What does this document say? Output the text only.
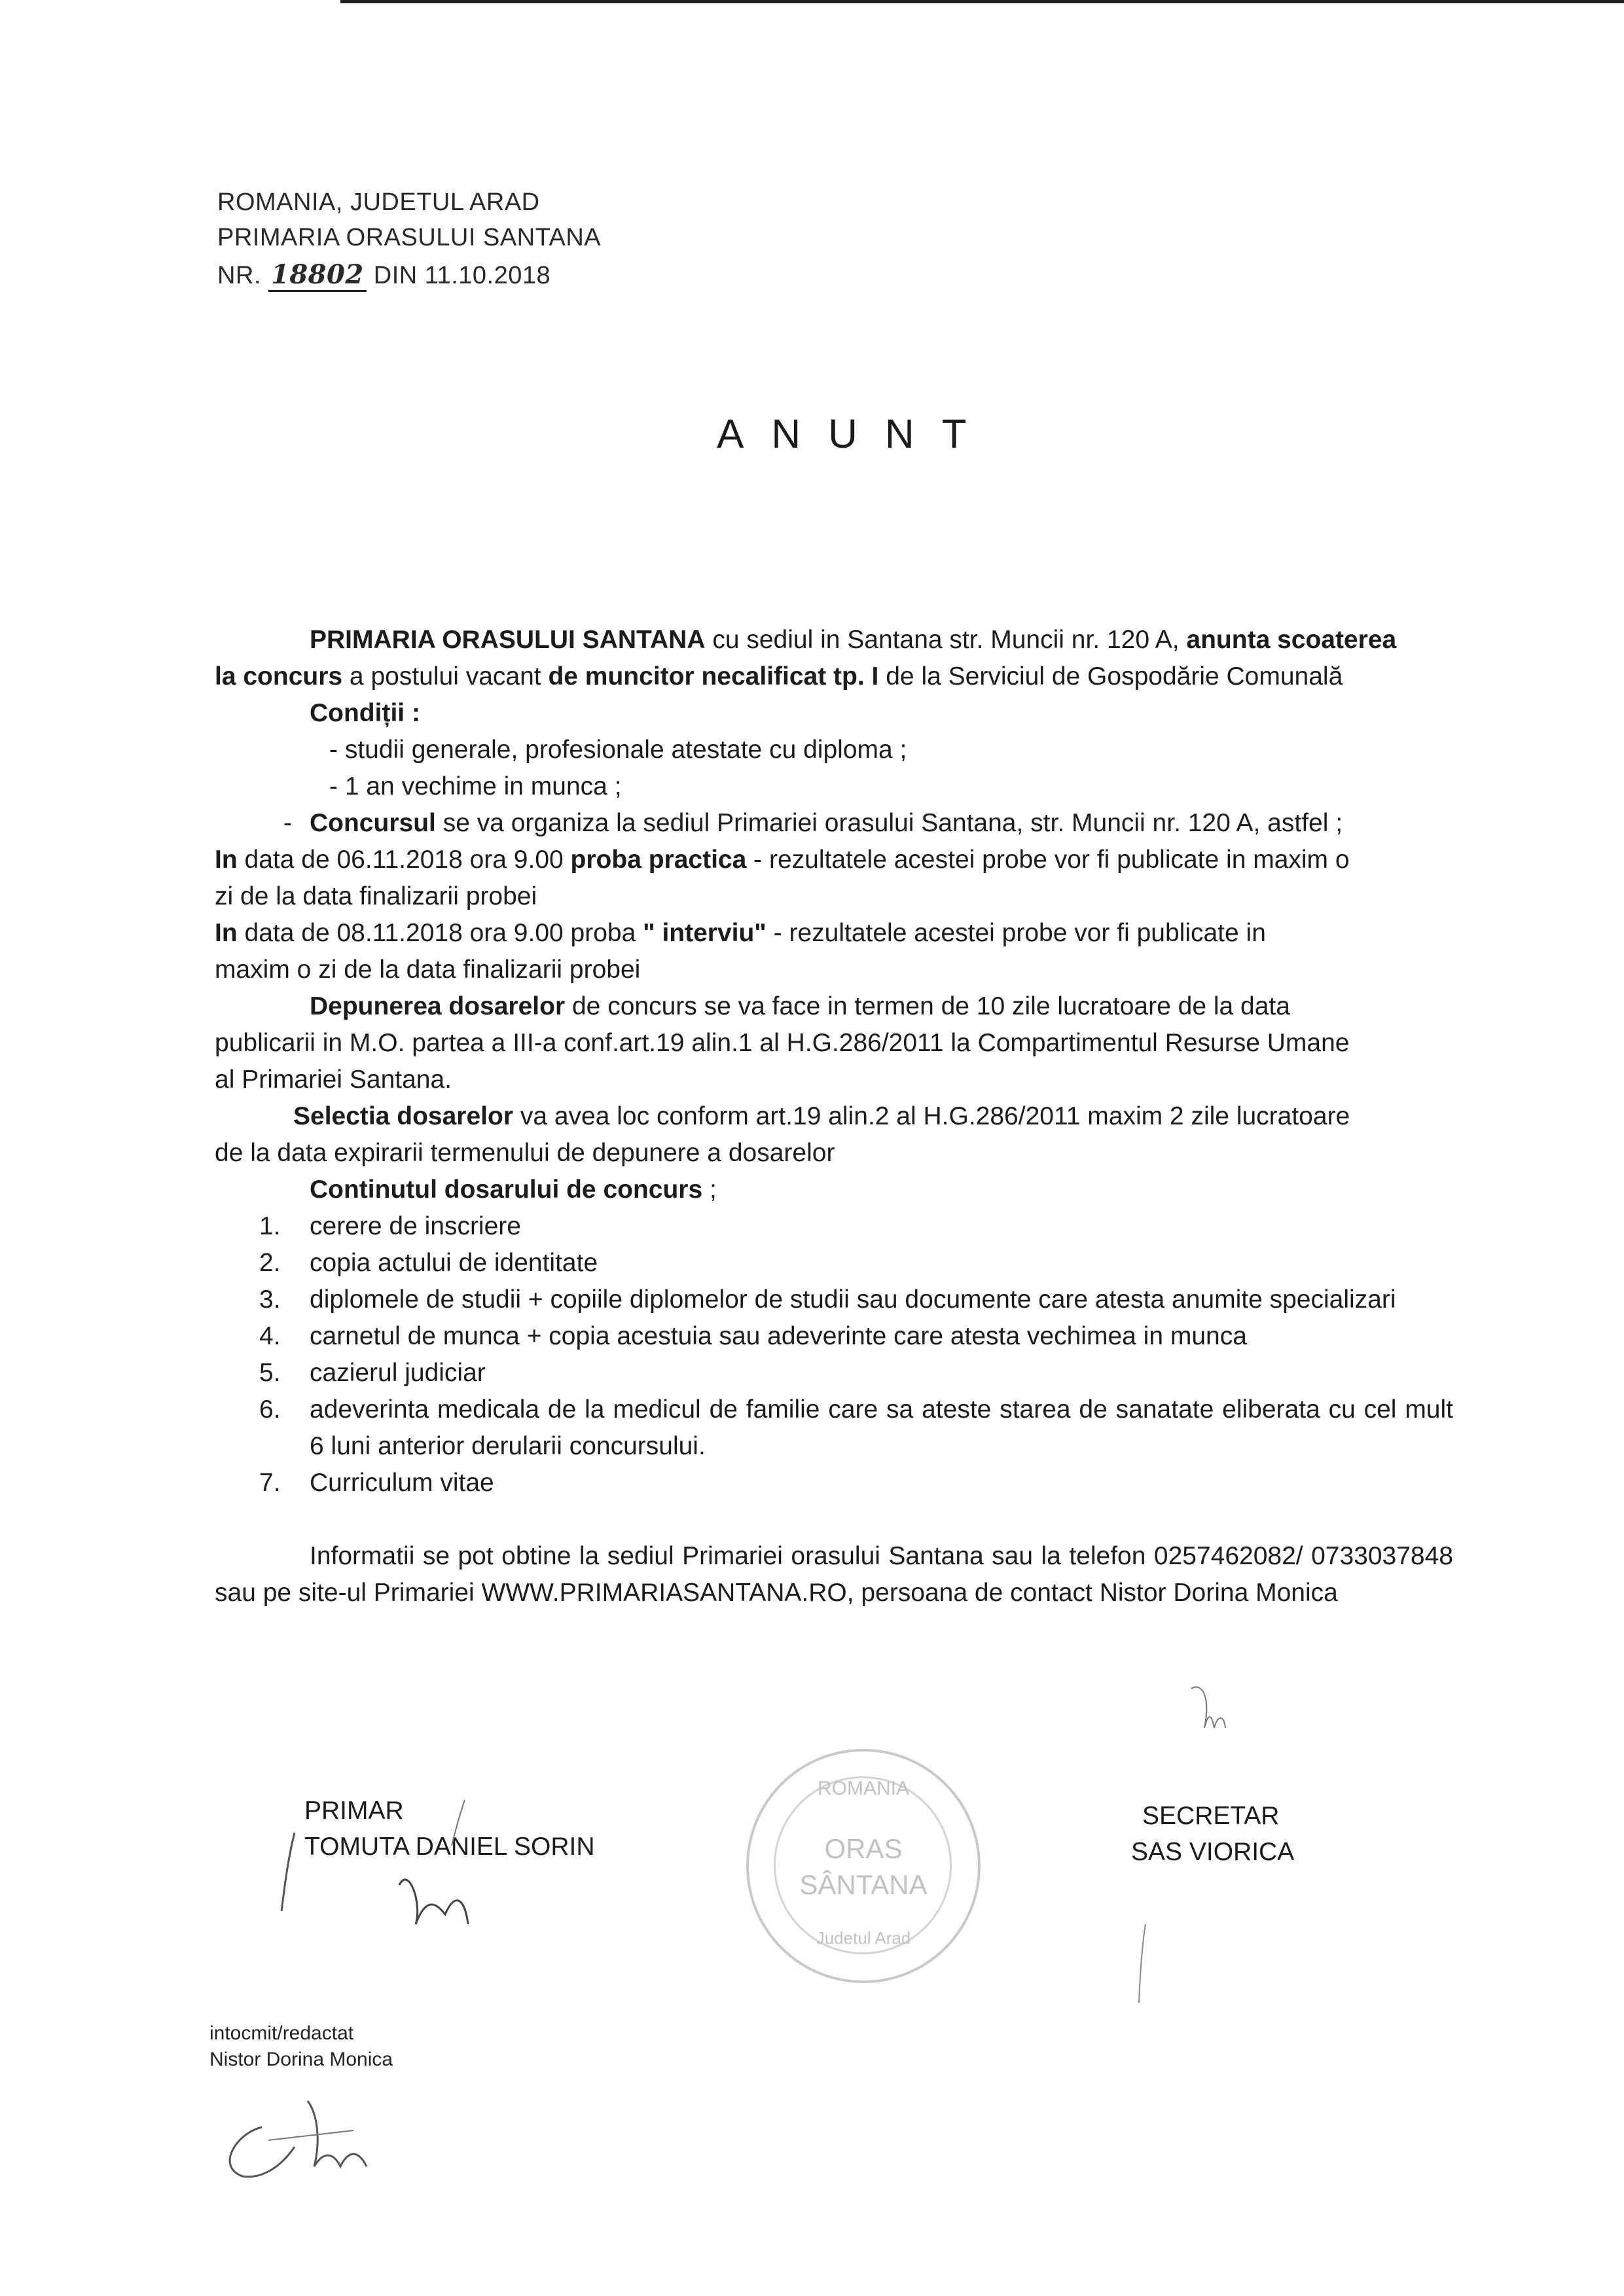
ROMANIA, JUDETUL ARAD
PRIMARIA ORASULUI SANTANA
NR. 18802 DIN 11.10.2018
ANUNT

PRIMARIA ORASULUI SANTANA cu sediul in Santana str. Muncii nr. 120 A, anunta scoaterea

la concurs a postului vacant de muncitor necalificat tp. I de la Serviciul de Gospodărie Comunală

Condiții :

- studii generale, profesionale atestate cu diploma ;

- 1 an vechime in munca ;

- Concursul se va organiza la sediul Primariei orasului Santana, str. Muncii nr. 120 A, astfel ;

In data de 06.11.2018 ora 9.00 proba practica - rezultatele acestei probe vor fi publicate in maxim o

zi de la data finalizarii probei

In data de 08.11.2018 ora 9.00 proba " interviu" - rezultatele acestei probe vor fi publicate in

maxim o zi de la data finalizarii probei

Depunerea dosarelor de concurs se va face in termen de 10 zile lucratoare de la data

publicarii in M.O. partea a III-a conf.art.19 alin.1 al H.G.286/2011 la Compartimentul Resurse Umane

al Primariei Santana.

Selectia dosarelor va avea loc conform art.19 alin.2 al H.G.286/2011 maxim 2 zile lucratoare

de la data expirarii termenului de depunere a dosarelor

Continutul dosarului de concurs ;

1. cerere de inscriere
2. copia actului de identitate
3. diplomele de studii + copiile diplomelor de studii sau documente care atesta anumite specializari
4. carnetul de munca + copia acestuia sau adeverinte care atesta vechimea in munca
5. cazierul judiciar
6. adeverinta medicala de la medicul de familie care sa ateste starea de sanatate eliberata cu cel mult 6 luni anterior derularii concursului.
7. Curriculum vitae

Informatii se pot obtine la sediul Primariei orasului Santana sau la telefon 0257462082/ 0733037848 sau pe site-ul Primariei WWW.PRIMARIASANTANA.RO, persoana de contact Nistor Dorina Monica

PRIMAR
TOMUTA DANIEL SORIN
SECRETAR
SAS VIORICA
ROMANIA
ORAS
SÂNTANA
Judetul Arad
intocmit/redactat
Nistor Dorina Monica
